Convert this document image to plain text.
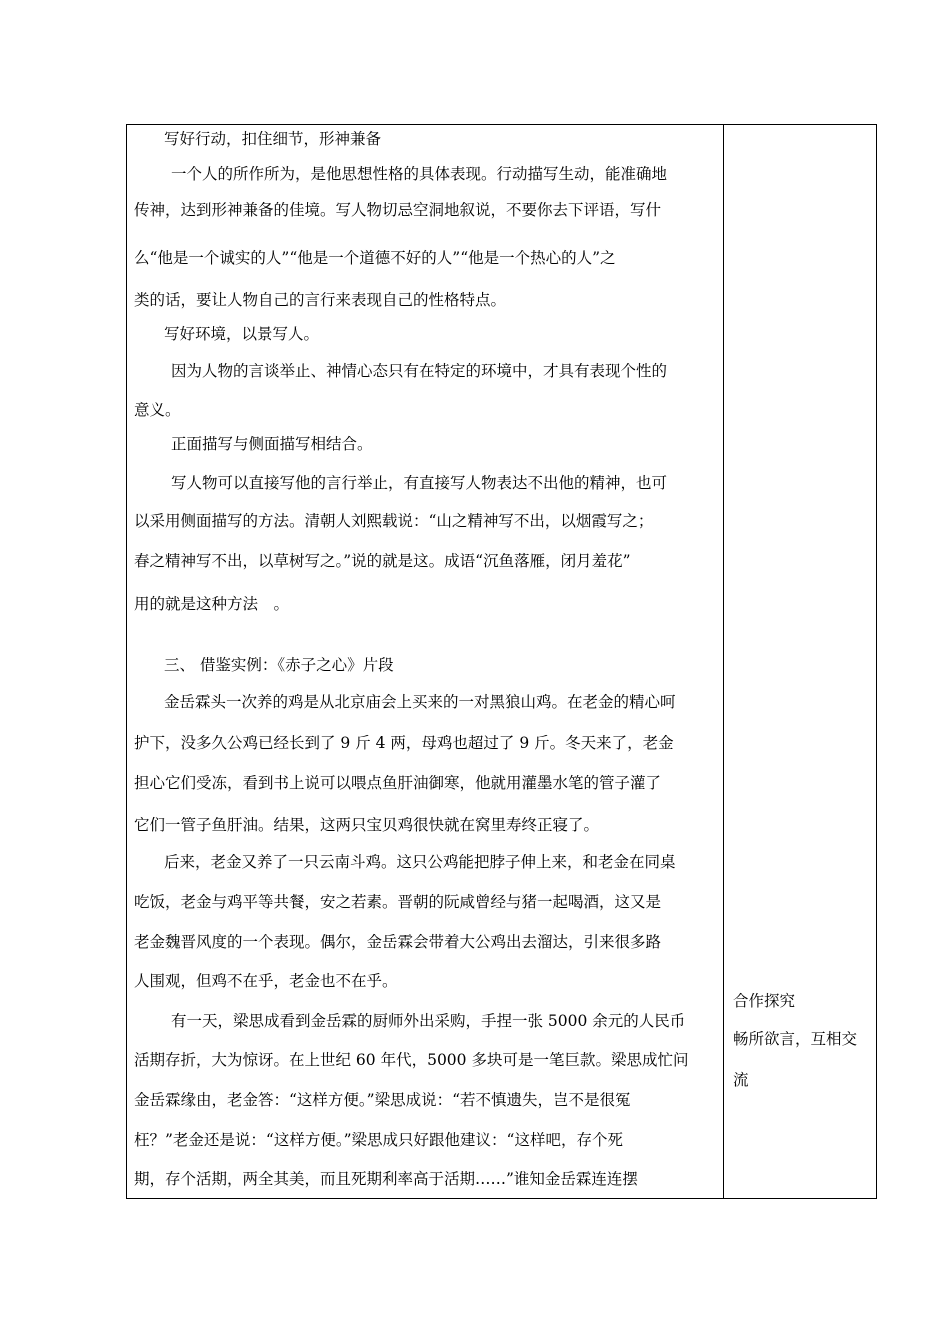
写好行动，扣住细节，形神兼备
一个人的所作所为，是他思想性格的具体表现。行动描写生动，能准确地
传神，达到形神兼备的佳境。写人物切忌空洞地叙说，不要你去下评语，写什
么“他是一个诚实的人”“他是一个道德不好的人”“他是一个热心的人”之
类的话，要让人物自己的言行来表现自己的性格特点。
写好环境，以景写人。
因为人物的言谈举止、神情心态只有在特定的环境中，才具有表现个性的
意义。
正面描写与侧面描写相结合。
写人物可以直接写他的言行举止，有直接写人物表达不出他的精神，也可
以采用侧面描写的方法。清朝人刘熙载说：“山之精神写不出，以烟霞写之；
春之精神写不出，以草树写之。”说的就是这。成语“沉鱼落雁，闭月羞花”
用的就是这种方法　。
三、 借鉴实例：《赤子之心》片段
金岳霖头一次养的鸡是从北京庙会上买来的一对黑狼山鸡。在老金的精心呵
护下，没多久公鸡已经长到了 9 斤 4 两，母鸡也超过了 9 斤。冬天来了，老金
担心它们受冻，看到书上说可以喂点鱼肝油御寒，他就用灌墨水笔的管子灌了
它们一管子鱼肝油。结果，这两只宝贝鸡很快就在窝里寿终正寝了。
后来，老金又养了一只云南斗鸡。这只公鸡能把脖子伸上来，和老金在同桌
吃饭，老金与鸡平等共餐，安之若素。晋朝的阮咸曾经与猪一起喝酒，这又是
老金魏晋风度的一个表现。偶尔，金岳霖会带着大公鸡出去溜达，引来很多路
人围观，但鸡不在乎，老金也不在乎。
有一天，梁思成看到金岳霖的厨师外出采购，手捏一张 5000 余元的人民币
活期存折，大为惊讶。在上世纪 60 年代，5000 多块可是一笔巨款。梁思成忙问
金岳霖缘由，老金答：“这样方便。”梁思成说：“若不慎遗失，岂不是很冤
枉？”老金还是说：“这样方便。”梁思成只好跟他建议：“这样吧，存个死
期，存个活期，两全其美，而且死期利率高于活期……”谁知金岳霖连连摆
合作探究
畅所欲言，互相交
流
